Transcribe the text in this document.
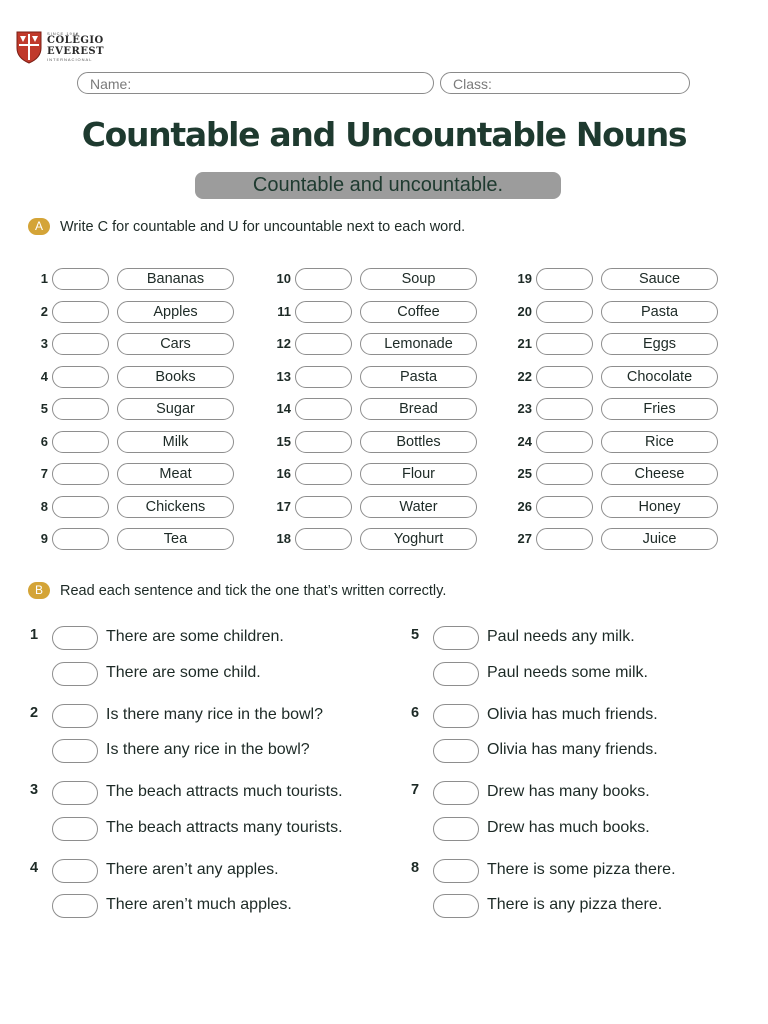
SINCE 1960
COLÉGIO
EVEREST
INTERNACIONAL
Name:	Class:
Countable and Uncountable Nouns
Countable and uncountable.
A	Write C for countable and U for uncountable next to each word.
1	Bananas
2	Apples
3	Cars
4	Books
5	Sugar
6	Milk
7	Meat
8	Chickens
9	Tea
10	Soup
11	Coffee
12	Lemonade
13	Pasta
14	Bread
15	Bottles
16	Flour
17	Water
18	Yoghurt
19	Sauce
20	Pasta
21	Eggs
22	Chocolate
23	Fries
24	Rice
25	Cheese
26	Honey
27	Juice
B	Read each sentence and tick the one that’s written correctly.
1	There are some children.
There are some child.
2	Is there many rice in the bowl?
Is there any rice in the bowl?
3	The beach attracts much tourists.
The beach attracts many tourists.
4	There aren’t any apples.
There aren’t much apples.
5	Paul needs any milk.
Paul needs some milk.
6	Olivia has much friends.
Olivia has many friends.
7	Drew has many books.
Drew has much books.
8	There is some pizza there.
There is any pizza there.
